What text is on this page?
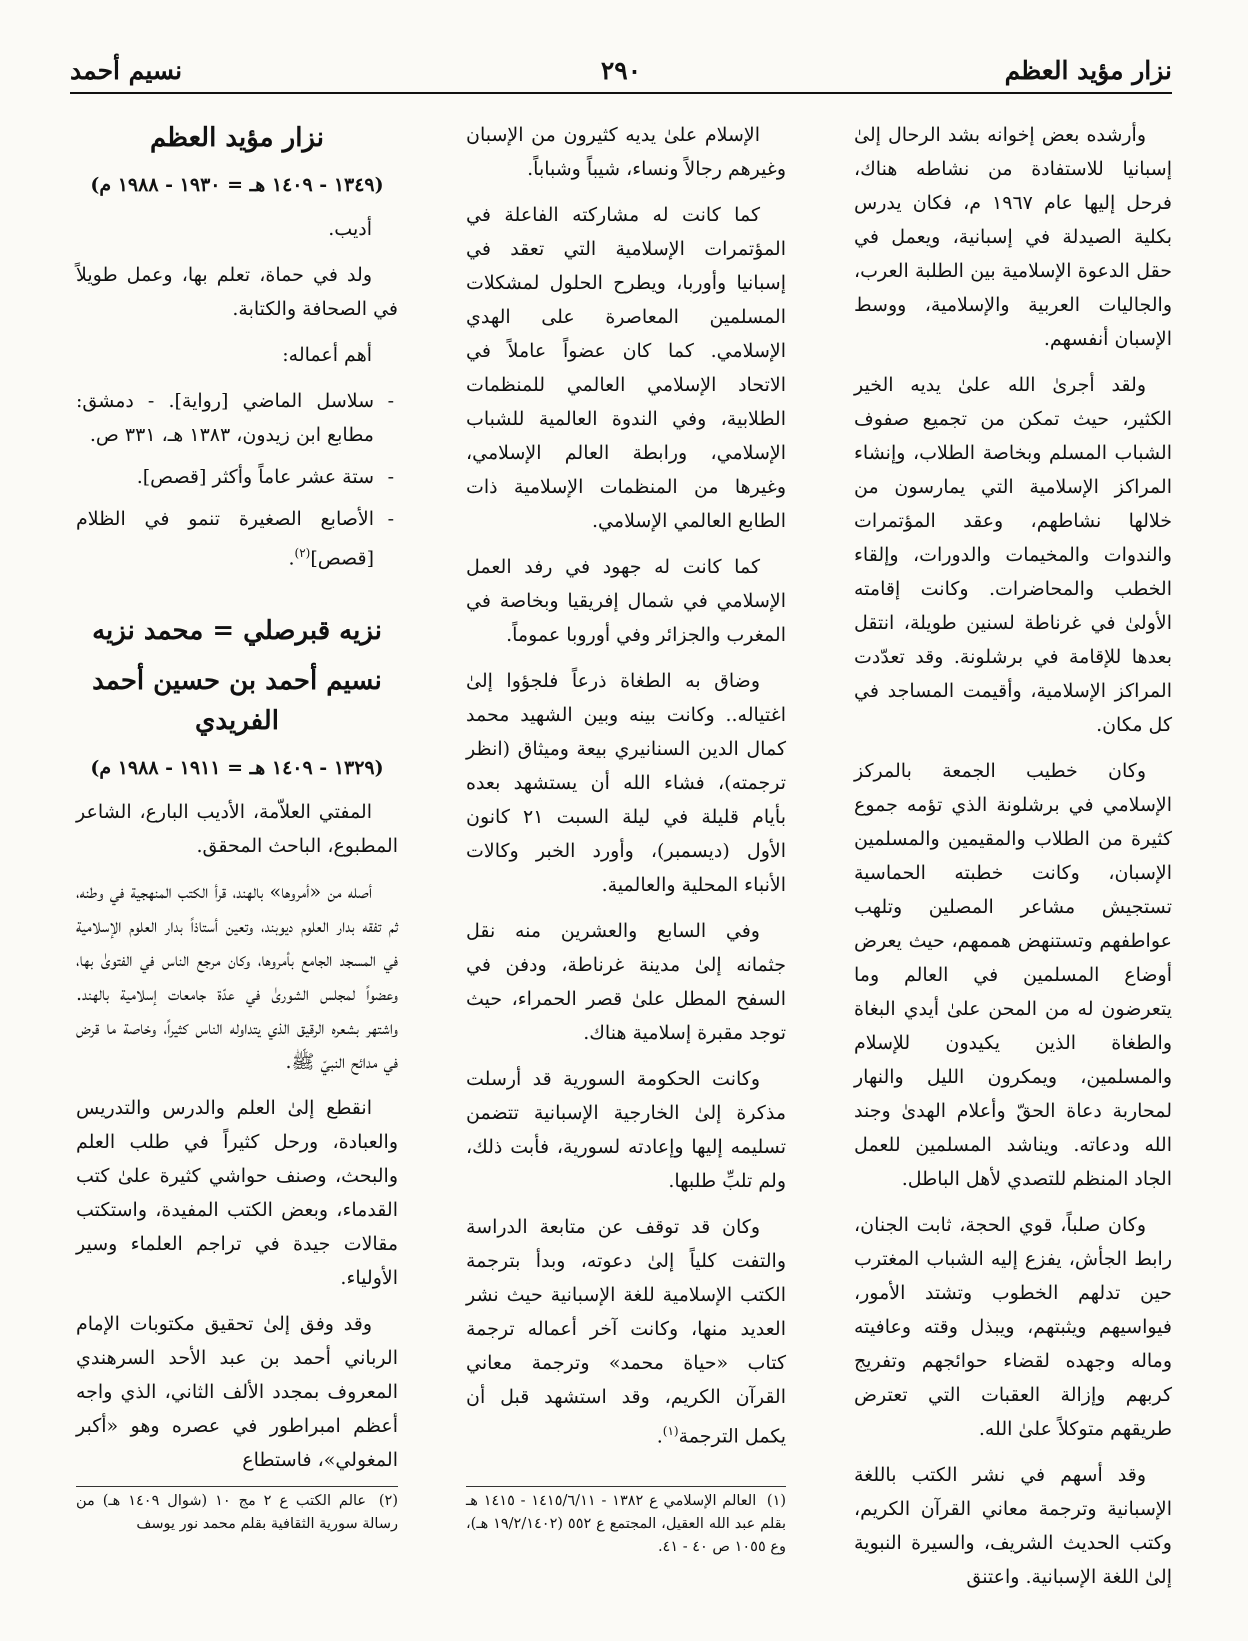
نزار مؤيد العظم
٢٩٠
نسيم أحمد

وأرشده بعض إخوانه بشد الرحال إلىٰ إسبانيا للاستفادة من نشاطه هناك، فرحل إليها عام ١٩٦٧ م، فكان يدرس بكلية الصيدلة في إسبانية، ويعمل في حقل الدعوة الإسلامية بين الطلبة العرب، والجاليات العربية والإسلامية، ووسط الإسبان أنفسهم.

ولقد أجرىٰ الله علىٰ يديه الخير الكثير، حيث تمكن من تجميع صفوف الشباب المسلم وبخاصة الطلاب، وإنشاء المراكز الإسلامية التي يمارسون من خلالها نشاطهم، وعقد المؤتمرات والندوات والمخيمات والدورات، وإلقاء الخطب والمحاضرات. وكانت إقامته الأولىٰ في غرناطة لسنين طويلة، انتقل بعدها للإقامة في برشلونة. وقد تعدّدت المراكز الإسلامية، وأقيمت المساجد في كل مكان.

وكان خطيب الجمعة بالمركز الإسلامي في برشلونة الذي تؤمه جموع كثيرة من الطلاب والمقيمين والمسلمين الإسبان، وكانت خطبته الحماسية تستجيش مشاعر المصلين وتلهب عواطفهم وتستنهض هممهم، حيث يعرض أوضاع المسلمين في العالم وما يتعرضون له من المحن علىٰ أيدي البغاة والطغاة الذين يكيدون للإسلام والمسلمين، ويمكرون الليل والنهار لمحاربة دعاة الحقّ وأعلام الهدىٰ وجند الله ودعاته. ويناشد المسلمين للعمل الجاد المنظم للتصدي لأهل الباطل.

وكان صلباً، قوي الحجة، ثابت الجنان، رابط الجأش، يفزع إليه الشباب المغترب حين تدلهم الخطوب وتشتد الأمور، فيواسيهم ويثبتهم، ويبذل وقته وعافيته وماله وجهده لقضاء حوائجهم وتفريج كربهم وإزالة العقبات التي تعترض طريقهم متوكلاً علىٰ الله.

وقد أسهم في نشر الكتب باللغة الإسبانية وترجمة معاني القرآن الكريم، وكتب الحديث الشريف، والسيرة النبوية إلىٰ اللغة الإسبانية. واعتنق

الإسلام علىٰ يديه كثيرون من الإسبان وغيرهم رجالاً ونساء، شيباً وشباباً.

كما كانت له مشاركته الفاعلة في المؤتمرات الإسلامية التي تعقد في إسبانيا وأوربا، ويطرح الحلول لمشكلات المسلمين المعاصرة على الهدي الإسلامي. كما كان عضواً عاملاً في الاتحاد الإسلامي العالمي للمنظمات الطلابية، وفي الندوة العالمية للشباب الإسلامي، ورابطة العالم الإسلامي، وغيرها من المنظمات الإسلامية ذات الطابع العالمي الإسلامي.

كما كانت له جهود في رفد العمل الإسلامي في شمال إفريقيا وبخاصة في المغرب والجزائر وفي أوروبا عموماً.

وضاق به الطغاة ذرعاً فلجؤوا إلىٰ اغتياله.. وكانت بينه وبين الشهيد محمد كمال الدين السنانيري بيعة وميثاق (انظر ترجمته)، فشاء الله أن يستشهد بعده بأيام قليلة في ليلة السبت ٢١ كانون الأول (ديسمبر)، وأورد الخبر وكالات الأنباء المحلية والعالمية.

وفي السابع والعشرين منه نقل جثمانه إلىٰ مدينة غرناطة، ودفن في السفح المطل علىٰ قصر الحمراء، حيث توجد مقبرة إسلامية هناك.

وكانت الحكومة السورية قد أرسلت مذكرة إلىٰ الخارجية الإسبانية تتضمن تسليمه إليها وإعادته لسورية، فأبت ذلك، ولم تلبِّ طلبها.

وكان قد توقف عن متابعة الدراسة والتفت كلياً إلىٰ دعوته، وبدأ بترجمة الكتب الإسلامية للغة الإسبانية حيث نشر العديد منها، وكانت آخر أعماله ترجمة كتاب «حياة محمد» وترجمة معاني القرآن الكريم، وقد استشهد قبل أن يكمل الترجمة$^{(١)}$.

نزار مؤيد العظم
(١٣٤٩ - ١٤٠٩ هـ = ١٩٣٠ - ١٩٨٨ م)

أديب.

ولد في حماة، تعلم بها، وعمل طويلاً في الصحافة والكتابة.

أهم أعماله:

- سلاسل الماضي [رواية]. - دمشق: مطابع ابن زيدون، ١٣٨٣ هـ، ٣٣١ ص.

- ستة عشر عاماً وأكثر [قصص].

- الأصابع الصغيرة تنمو في الظلام [قصص]$^{(٢)}$.

نزيه قبرصلي = محمد نزيه
نسيم أحمد بن حسين أحمد الفريدي
(١٣٢٩ - ١٤٠٩ هـ = ١٩١١ - ١٩٨٨ م)

المفتي العلاّمة، الأديب البارع، الشاعر المطبوع، الباحث المحقق.

أصله من «أمروها» بالهند، قرأ الكتب المنهجية في وطنه، ثم تفقه بدار العلوم ديوبند، وتعين أستاذاً بدار العلوم الإسلامية في المسجد الجامع بأمروها، وكان مرجع الناس في الفتوىٰ بها، وعضواً لمجلس الشورىٰ في عدّة جامعات إسلامية بالهند. واشتهر بشعره الرقيق الذي يتداوله الناس كثيراً، وخاصة ما قرض في مدائح النبيّ ﷺ.

انقطع إلىٰ العلم والدرس والتدريس والعبادة، ورحل كثيراً في طلب العلم والبحث، وصنف حواشي كثيرة علىٰ كتب القدماء، وبعض الكتب المفيدة، واستكتب مقالات جيدة في تراجم العلماء وسير الأولياء.

وقد وفق إلىٰ تحقيق مكتوبات الإمام الرباني أحمد بن عبد الأحد السرهندي المعروف بمجدد الألف الثاني، الذي واجه أعظم امبراطور في عصره وهو «أكبر المغولي»، فاستطاع

(١) العالم الإسلامي ع ١٣٨٢ - ١٤١٥/٦/١١ - ١٤١٥ هـ بقلم عبد الله العقيل، المجتمع ع ٥٥٢ (١٩/٢/١٤٠٢ هـ)، وع ١٠٥٥ ص ٤٠ - ٤١.
(٢) عالم الكتب ع ٢ مج ١٠ (شوال ١٤٠٩ هـ) من رسالة سورية الثقافية بقلم محمد نور يوسف
